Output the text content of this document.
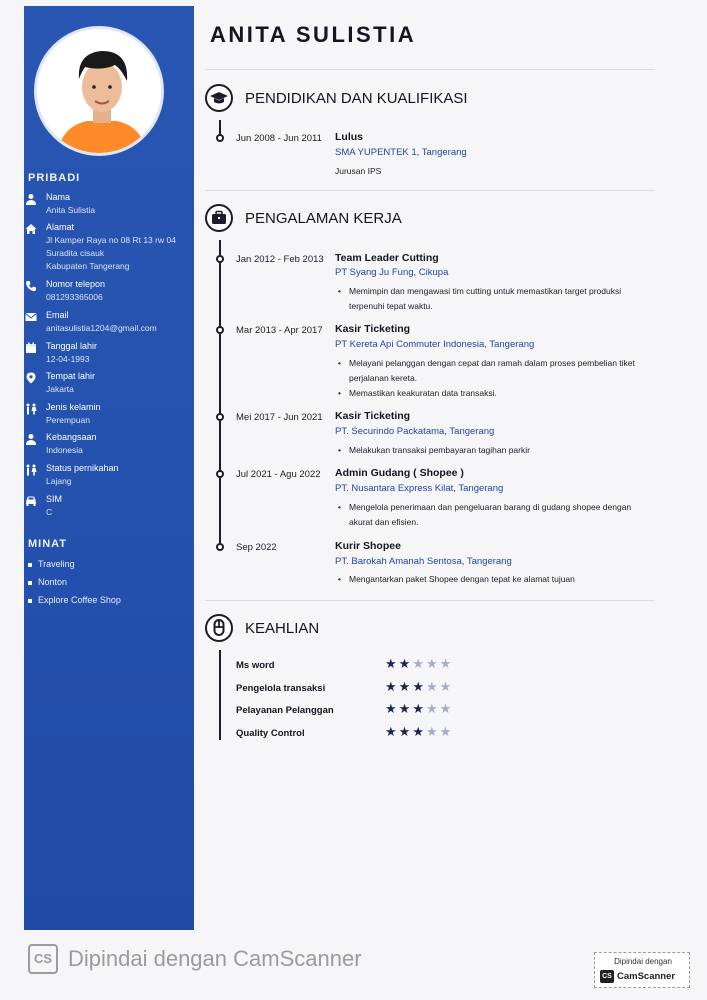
PRIBADI
Nama
Anita Sulistia
Alamat
Jl Kamper Raya no 08 Rt 13 rw 04
Suradita cisauk
Kabupaten Tangerang
Nomor telepon
081293365006
Email
anitasulistia1204@gmail.com
Tanggal lahir
12-04-1993
Tempat lahir
Jakarta
Jenis kelamin
Perempuan
Kebangsaan
Indonesia
Status pernikahan
Lajang
SIM
C
MINAT
Traveling
Nonton
Explore Coffee Shop
ANITA SULISTIA
PENDIDIKAN DAN KUALIFIKASI
Jun 2008 - Jun 2011 Lulus
SMA YUPENTEK 1, Tangerang
Jurusan IPS
PENGALAMAN KERJA
Jan 2012 - Feb 2013 Team Leader Cutting
PT Syang Ju Fung, Cikupa
• Memimpin dan mengawasi tim cutting untuk memastikan target produksi terpenuhi tepat waktu.
Mar 2013 - Apr 2017 Kasir Ticketing
PT Kereta Api Commuter Indonesia, Tangerang
• Melayani pelanggan dengan cepat dan ramah dalam proses pembelian tiket perjalanan kereta.
• Memastikan keakuratan data transaksi.
Mei 2017 - Jun 2021 Kasir Ticketing
PT. Securindo Packatama, Tangerang
• Melakukan transaksi pembayaran tagihan parkir
Jul 2021 - Agu 2022 Admin Gudang ( Shopee )
PT. Nusantara Express Kilat, Tangerang
• Mengelola penerimaan dan pengeluaran barang di gudang shopee dengan akurat dan efisien.
Sep 2022	Kurir Shopee
PT. Barokah Amanah Sentosa, Tangerang
• Mengantarkan paket Shopee dengan tepat ke alamat tujuan
KEAHLIAN
Ms word	★★★★★
Pengelola transaksi	★★★★★
Pelayanan Pelanggan	★★★★★
Quality Control	★★★★★
CS Dipindai dengan CamScanner	Dipindai dengan
CS CamScanner
